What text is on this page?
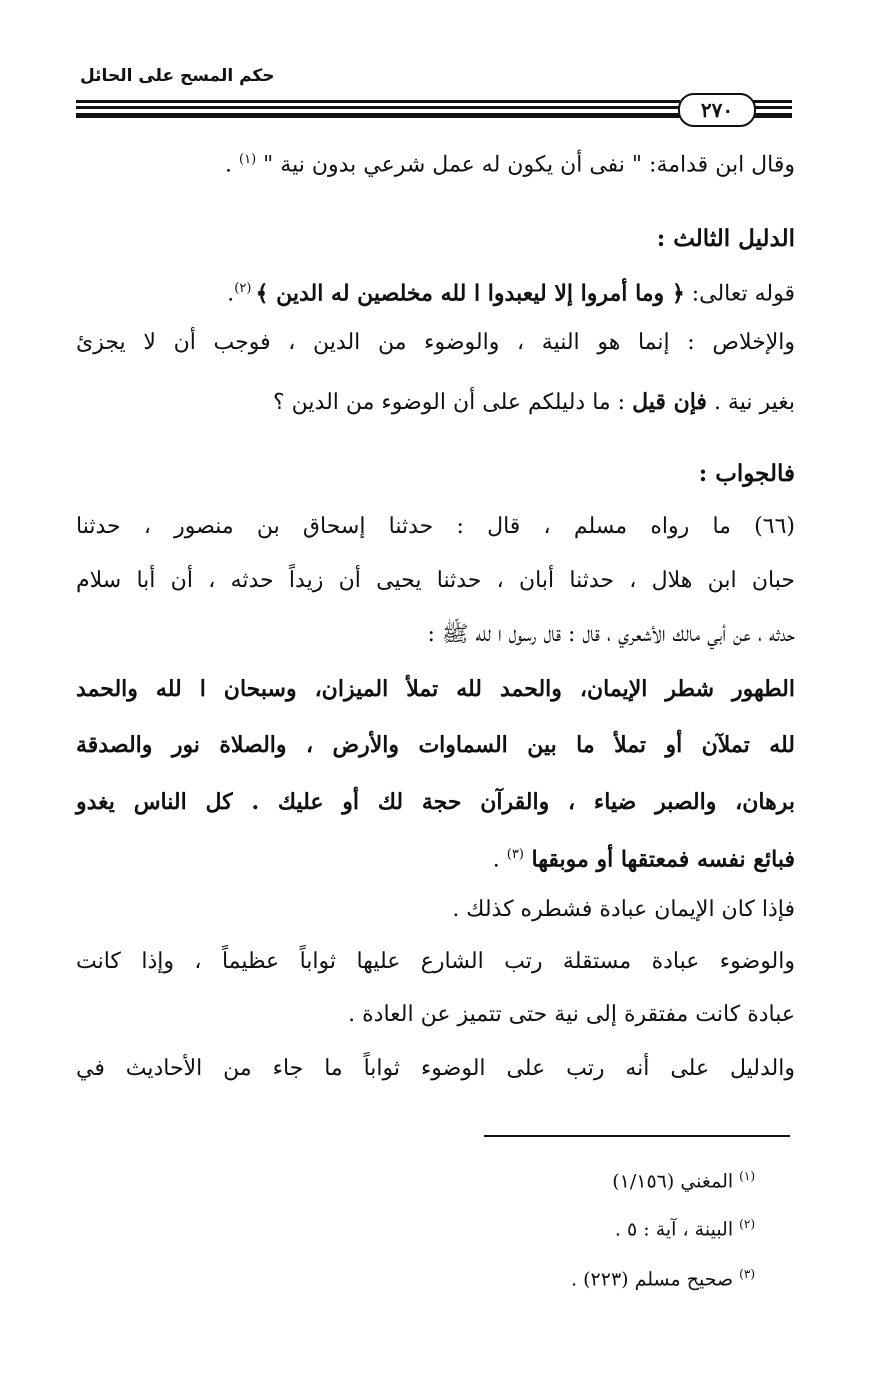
حكم المسح على الحائل
٢٧٠
وقال ابن قدامة: " نفى أن يكون له عمل شرعي بدون نية " $^{(١)}$ .
الدليل الثالث :
قوله تعالى: ﴿ وما أمروا إلا ليعبدوا ا لله مخلصين له الدين ﴾ $^{(٢)}$.
والإخلاص : إنما هو النية ، والوضوء من الدين ، فوجب أن لا يجزئ
بغير نية . فإن قيل : ما دليلكم على أن الوضوء من الدين ؟
فالجواب :
(٦٦) ما رواه مسلم ، قال : حدثنا إسحاق بن منصور ، حدثنا
حبان ابن هلال ، حدثنا أبان ، حدثنا يحيى أن زيداً حدثه ، أن أبا سلام
حدثه ، عن أبي مالك الأشعري ، قال : قال رسول ا لله ﷺ :
الطهور شطر الإيمان، والحمد لله تملأ الميزان، وسبحان ا لله والحمد
لله تملآن أو تملأ ما بين السماوات والأرض ، والصلاة نور والصدقة
برهان، والصبر ضياء ، والقرآن حجة لك أو عليك . كل الناس يغدو
فبائع نفسه فمعتقها أو موبقها $^{(٣)}$ .
فإذا كان الإيمان عبادة فشطره كذلك .
والوضوء عبادة مستقلة رتب الشارع عليها ثواباً عظيماً ، وإذا كانت
عبادة كانت مفتقرة إلى نية حتى تتميز عن العادة .
والدليل على أنه رتب على الوضوء ثواباً ما جاء من الأحاديث في
$^{(١)}$ المغني (١/١٥٦)
$^{(٢)}$ البينة ، آية : ٥ .
$^{(٣)}$ صحيح مسلم (٢٢٣) .
